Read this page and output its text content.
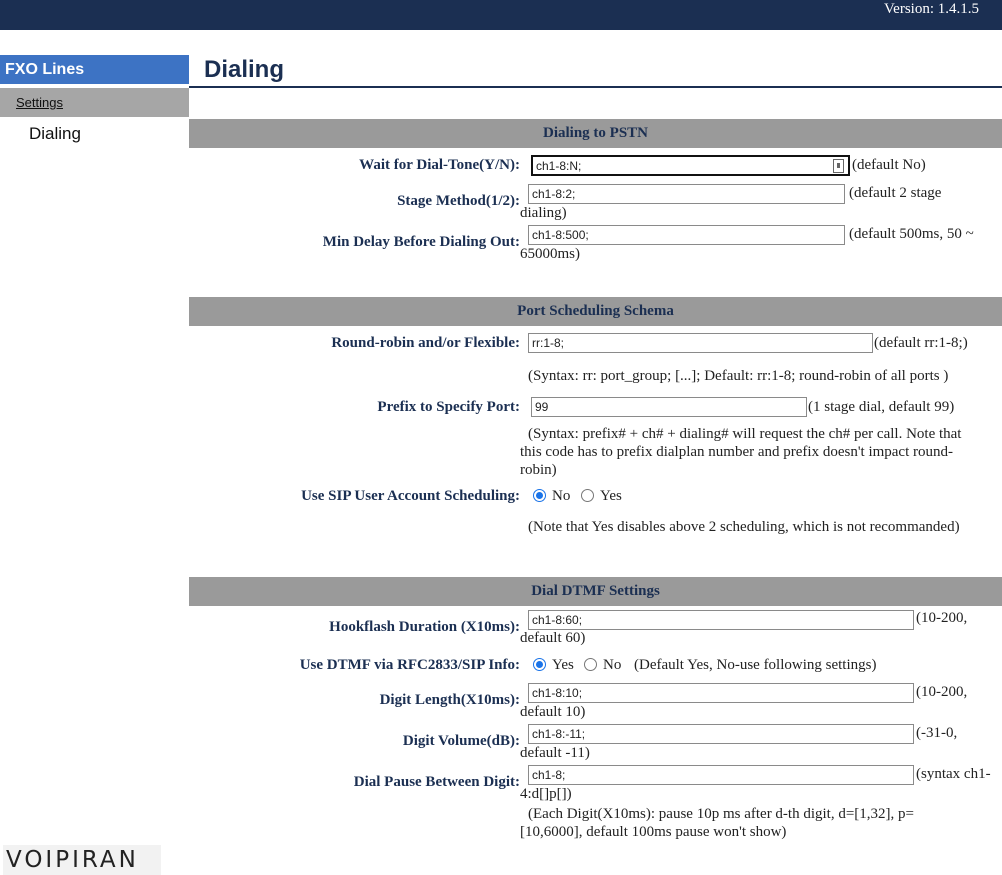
Version: 1.4.1.5
FXO Lines
Settings
Dialing
Dialing
Dialing to PSTN
Wait for Dial-Tone(Y/N):	ch1-8:N;	(default No)
Stage Method(1/2):	ch1-8:2;	(default 2 stage
dialing)
Min Delay Before Dialing Out:	ch1-8:500;	(default 500ms, 50 ~
65000ms)
Port Scheduling Schema
Round-robin and/or Flexible:	rr:1-8;	(default rr:1-8;)
(Syntax: rr: port_group; [...]; Default: rr:1-8; round-robin of all ports )
Prefix to Specify Port:	99	(1 stage dial, default 99)
(Syntax: prefix# + ch# + dialing# will request the ch# per call. Note that
this code has to prefix dialplan number and prefix doesn't impact round-
robin)
Use SIP User Account Scheduling: No Yes
(Note that Yes disables above 2 scheduling, which is not recommanded)
Dial DTMF Settings
Hookflash Duration (X10ms):	ch1-8:60;	(10-200,
default 60)
Use DTMF via RFC2833/SIP Info: Yes No (Default Yes, No-use following settings)
Digit Length(X10ms):	ch1-8:10;	(10-200,
default 10)
Digit Volume(dB):	ch1-8:-11;	(-31-0,
default -11)
Dial Pause Between Digit:	ch1-8;	(syntax ch1-
4:d[]p[])
(Each Digit(X10ms): pause 10p ms after d-th digit, d=[1,32], p=
[10,6000], default 100ms pause won't show)
VOIPIRAN
